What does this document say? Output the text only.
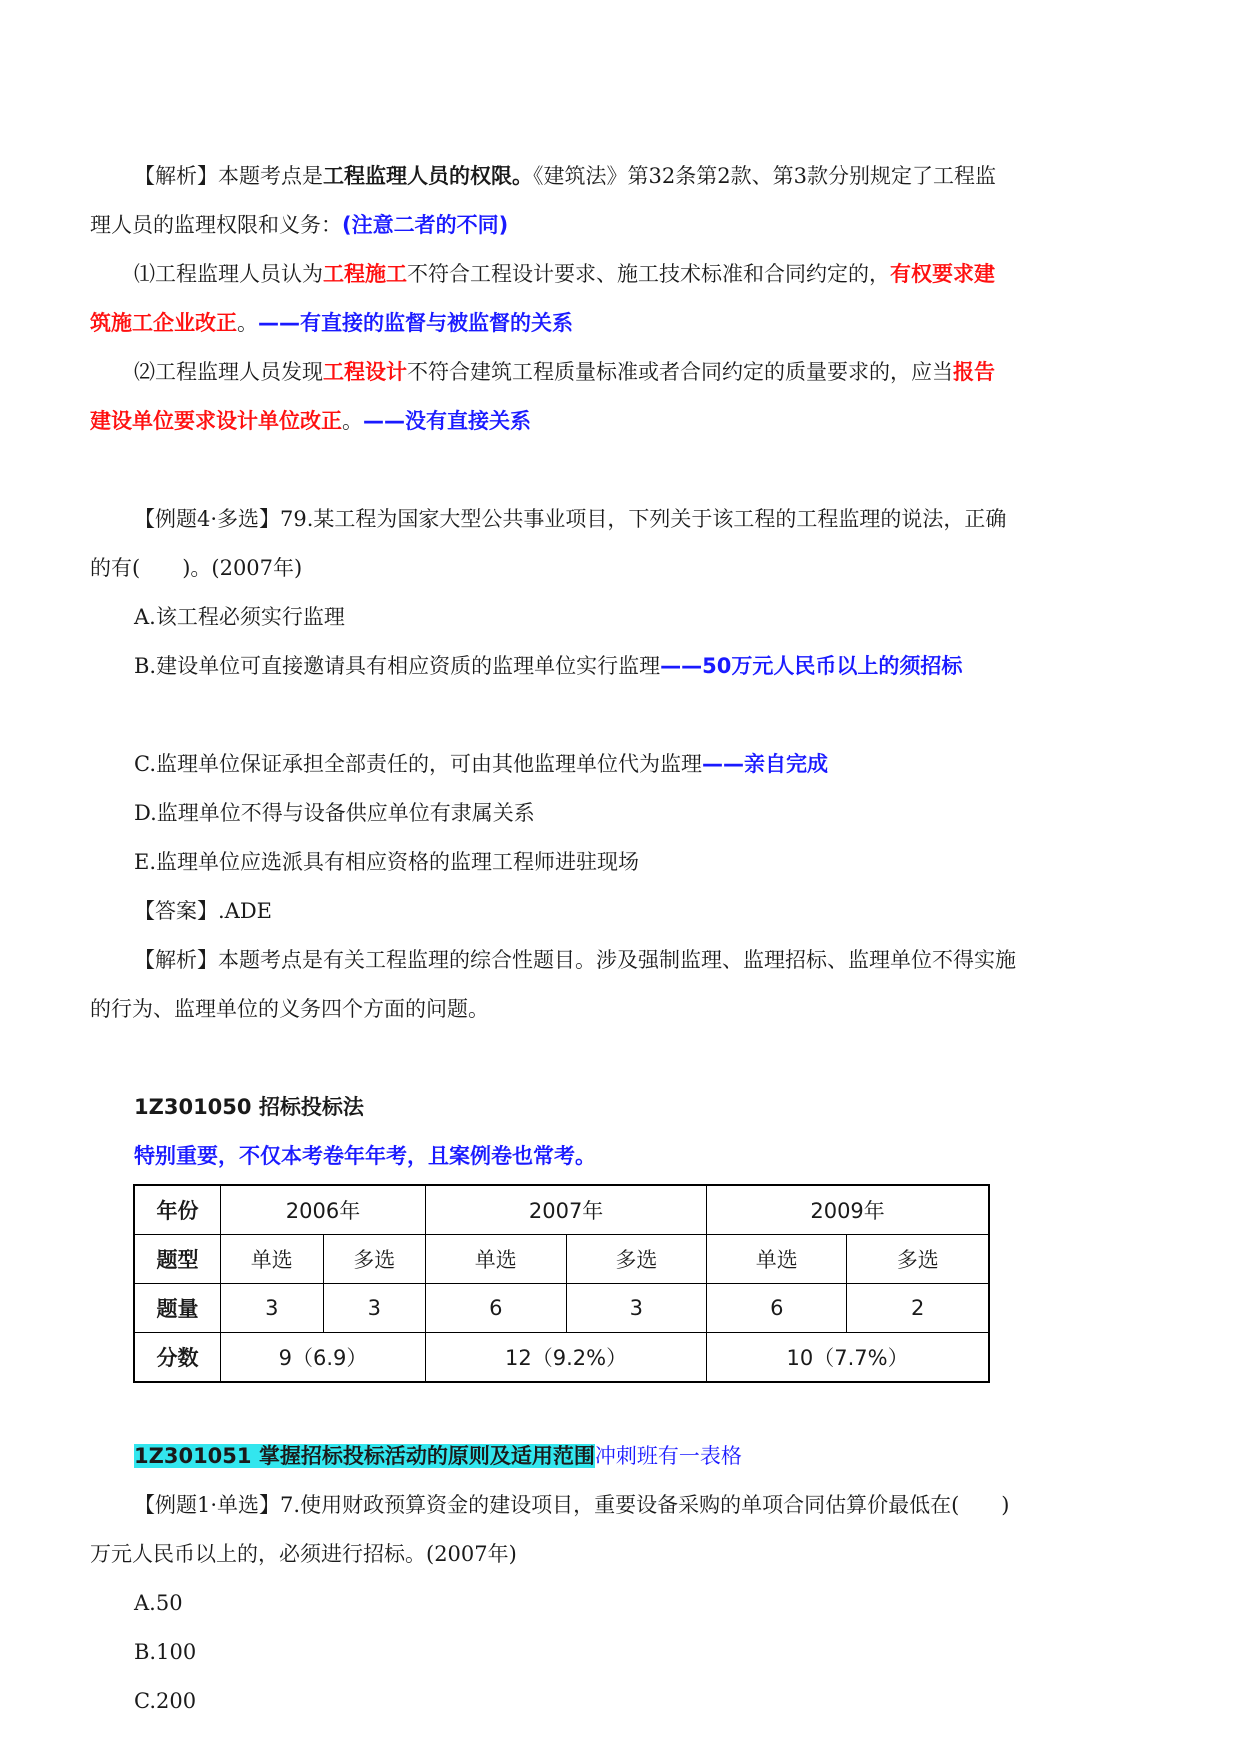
【解析】本题考点是工程监理人员的权限。《建筑法》第32条第2款、第3款分别规定了工程监
理人员的监理权限和义务：(注意二者的不同)
⑴工程监理人员认为工程施工不符合工程设计要求、施工技术标准和合同约定的，有权要求建
筑施工企业改正。——有直接的监督与被监督的关系
⑵工程监理人员发现工程设计不符合建筑工程质量标准或者合同约定的质量要求的，应当报告
建设单位要求设计单位改正。——没有直接关系
【例题4·多选】79.某工程为国家大型公共事业项目，下列关于该工程的工程监理的说法，正确
的有(　　)。(2007年)
A.该工程必须实行监理
B.建设单位可直接邀请具有相应资质的监理单位实行监理——50万元人民币以上的须招标
C.监理单位保证承担全部责任的，可由其他监理单位代为监理——亲自完成
D.监理单位不得与设备供应单位有隶属关系
E.监理单位应选派具有相应资格的监理工程师进驻现场
【答案】.ADE
【解析】本题考点是有关工程监理的综合性题目。涉及强制监理、监理招标、监理单位不得实施
的行为、监理单位的义务四个方面的问题。
1Z301050 招标投标法
特别重要，不仅本考卷年年考，且案例卷也常考。
年份	2006年		2007年		2009年	
题型	单选	多选	单选	多选	单选	多选
题量	3	3	6	3	6	2
分数	9（6.9）		12（9.2%）		10（7.7%）	
1Z301051 掌握招标投标活动的原则及适用范围冲刺班有一表格
【例题1·单选】7.使用财政预算资金的建设项目，重要设备采购的单项合同估算价最低在(　　)
万元人民币以上的，必须进行招标。(2007年)
A.50
B.100
C.200
